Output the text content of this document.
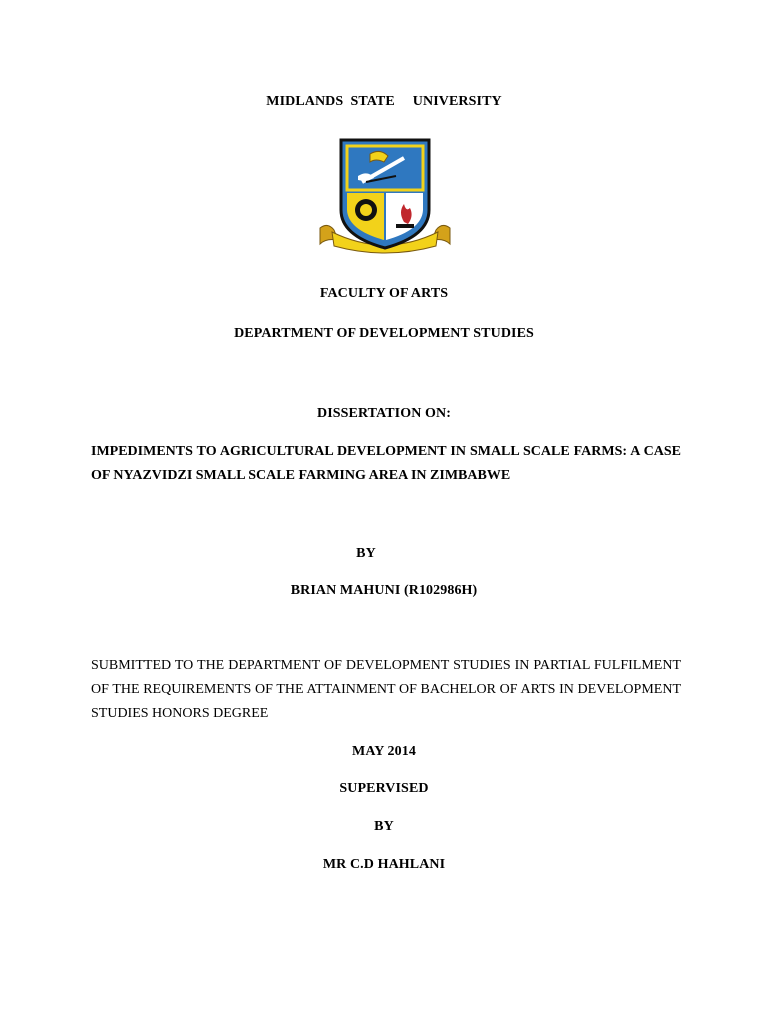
MIDLANDS  STATE     UNIVERSITY
FACULTY OF ARTS
DEPARTMENT OF DEVELOPMENT STUDIES
DISSERTATION ON:
IMPEDIMENTS TO AGRICULTURAL DEVELOPMENT IN SMALL SCALE FARMS: A CASE
OF NYAZVIDZI SMALL SCALE FARMING AREA IN ZIMBABWE
BY
BRIAN MAHUNI (R102986H)
SUBMITTED TO THE DEPARTMENT OF DEVELOPMENT STUDIES IN PARTIAL FULFILMENT
OF THE REQUIREMENTS OF THE ATTAINMENT OF BACHELOR OF ARTS IN DEVELOPMENT
STUDIES HONORS DEGREE
MAY 2014
SUPERVISED
BY
MR C.D HAHLANI
